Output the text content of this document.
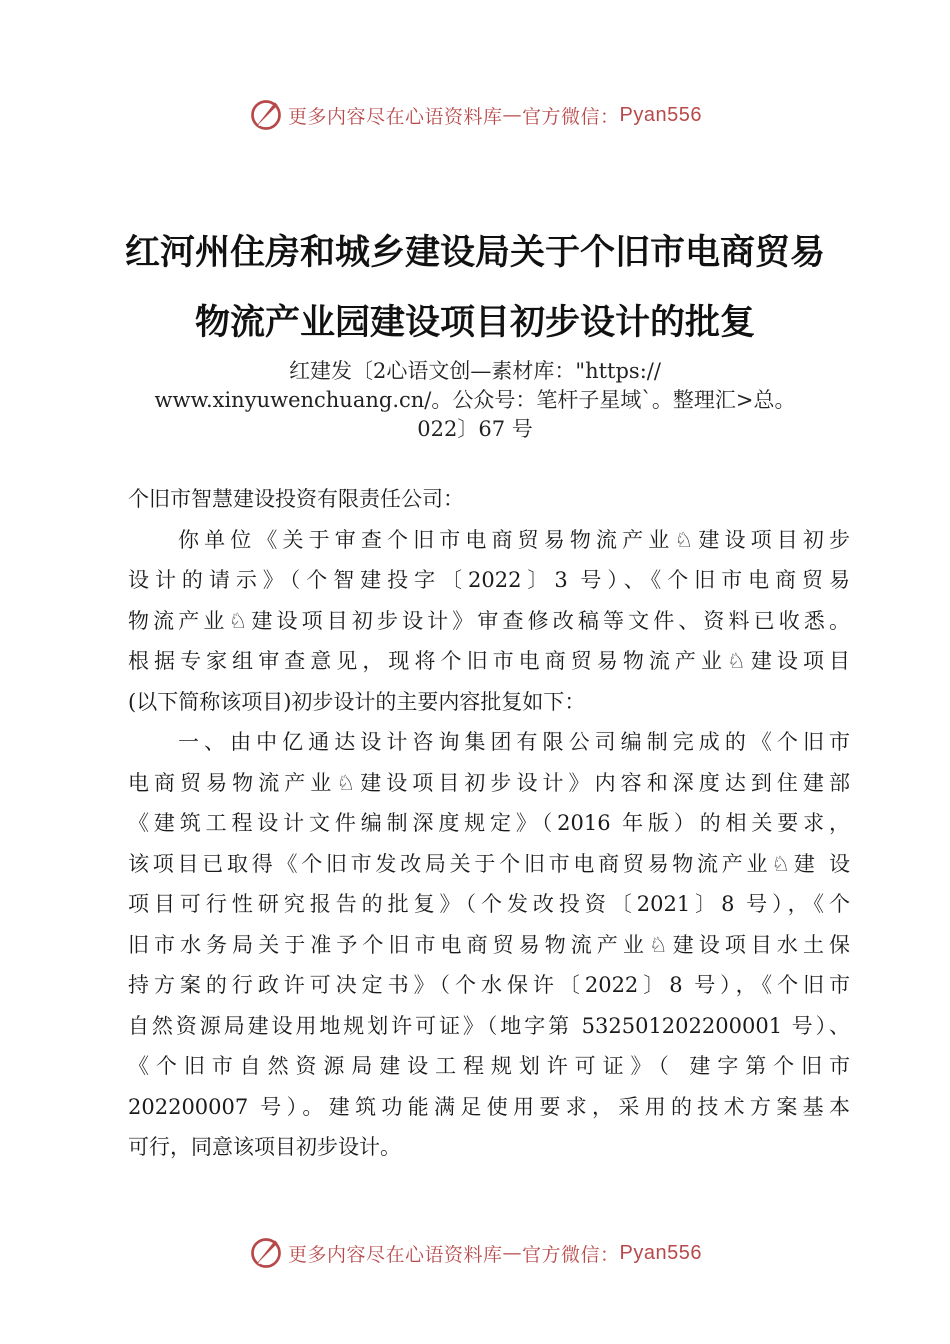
更多内容尽在心语资料库 — 官方微信： Pyan556
红河州住房和城乡建设局关于个旧市电商贸易
物流产业园建设项目初步设计的批复
红建发〔2心语文创—素材库："https://
www.xinyuwenchuang.cn/。公众号：笔杆子星域`。整理汇>总。
022〕67 号
个旧市智慧建设投资有限责任公司：
你单位《关于审查个旧市电商贸易物流产业♘建设项目初步
设计的请示》（个智建投字〔2022〕3 号）、《个旧市电商贸易
物流产业♘建设项目初步设计》审查修改稿等文件、资料已收悉。
根据专家组审查意见，现将个旧市电商贸易物流产业♘建设项目
(以下简称该项目)初步设计的主要内容批复如下：
一、由中亿通达设计咨询集团有限公司编制完成的《个旧市
电商贸易物流产业♘建设项目初步设计》内容和深度达到住建部
《建筑工程设计文件编制深度规定》（2016 年版）的相关要求，
该项目已取得《个旧市发改局关于个旧市电商贸易物流产业♘建 设
项目可行性研究报告的批复》（个发改投资〔2021〕8 号），《个
旧市水务局关于准予个旧市电商贸易物流产业♘建设项目水土保
持方案的行政许可决定书》（个水保许〔2022〕8 号），《个旧市
自然资源局建设用地规划许可证》（地字第 532501202200001 号）、
《个旧市自然资源局建设工程规划许可证》（ 建字第个旧市
202200007 号）。建筑功能满足使用要求，采用的技术方案基本
可行，同意该项目初步设计。
更多内容尽在心语资料库 — 官方微信： Pyan556
